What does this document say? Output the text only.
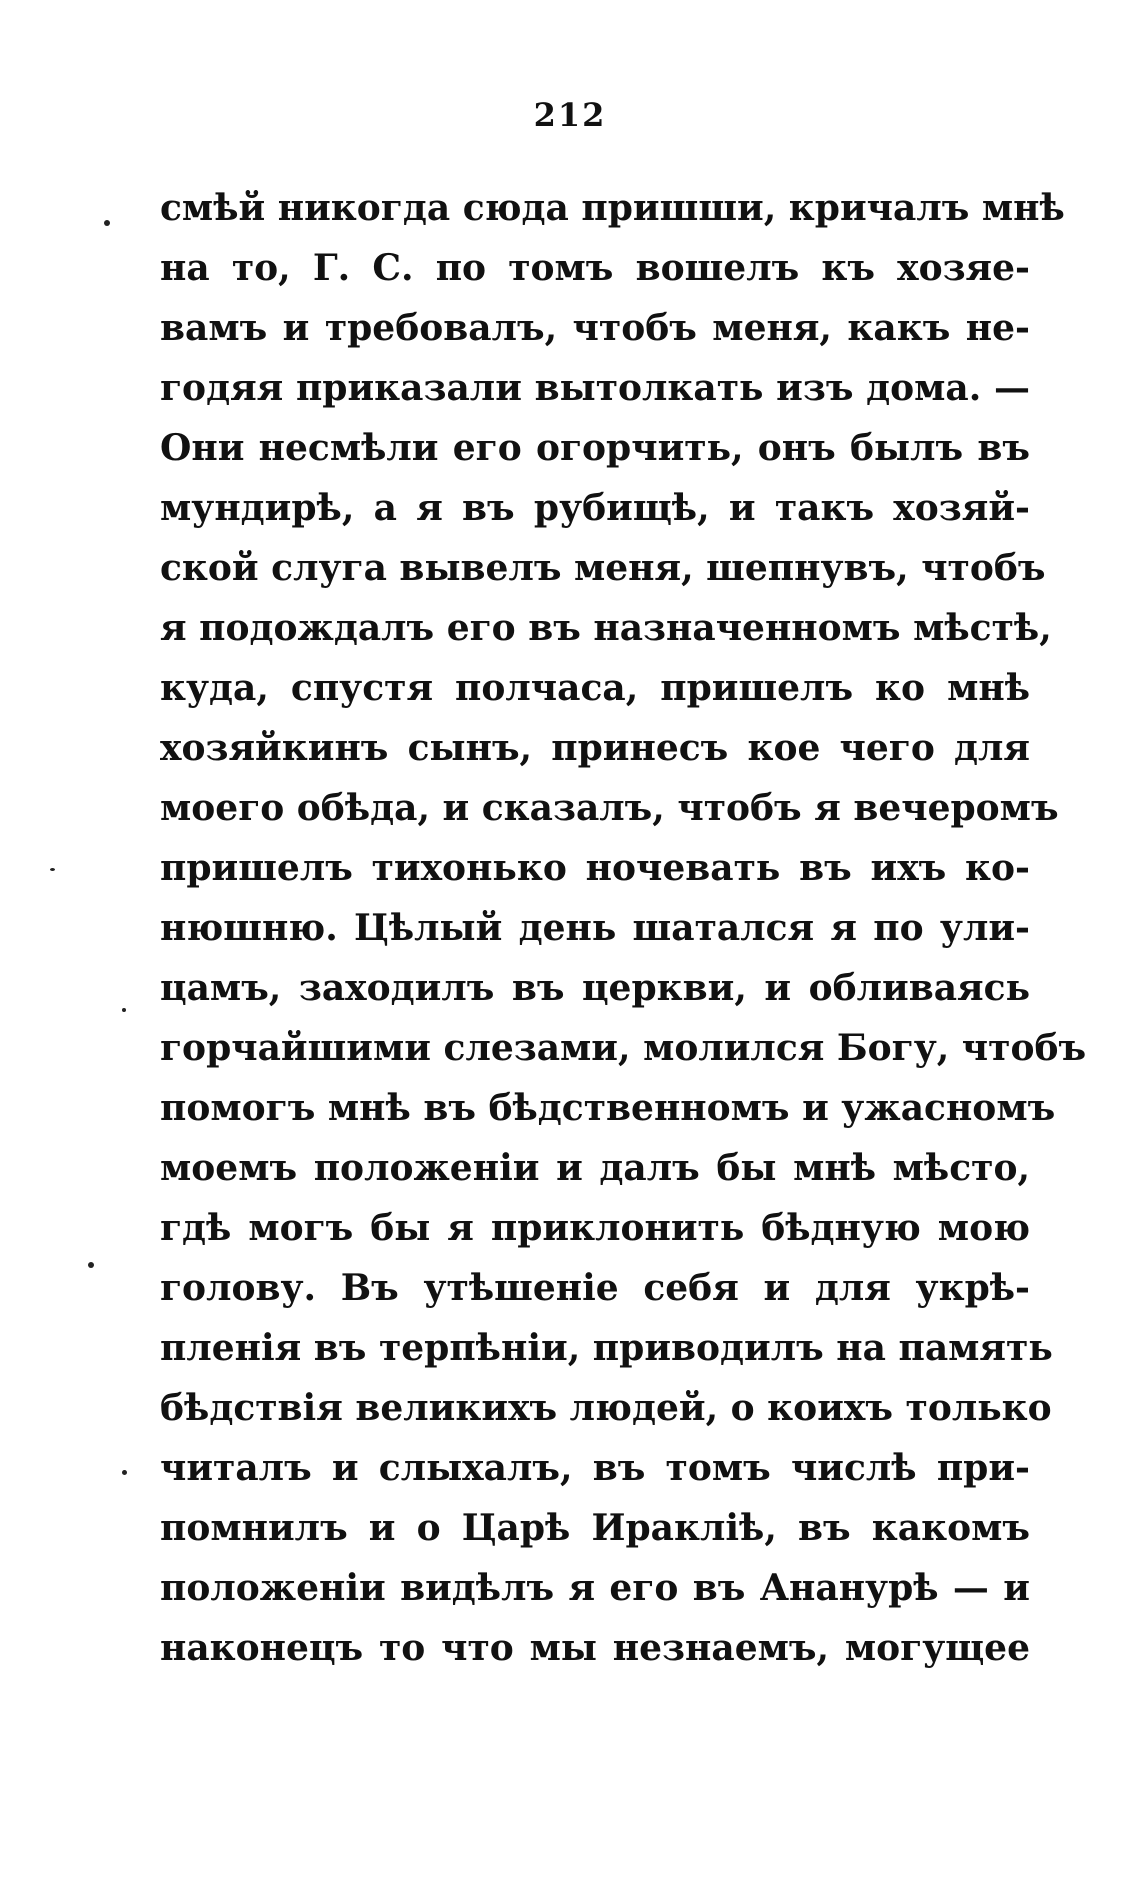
212
смѣй никогда сюда пришши, кричалъ мнѣ
на то, Г. С. по томъ вошелъ къ хозяе-
вамъ и требовалъ, чтобъ меня, какъ не-
годяя приказали вытолкать изъ дома. —
Они несмѣли его огорчить, онъ былъ въ
мундирѣ, а я въ рубищѣ, и такъ хозяй-
ской слуга вывелъ меня, шепнувъ, чтобъ
я подождалъ его въ назначенномъ мѣстѣ,
куда, спустя полчаса, пришелъ ко мнѣ
хозяйкинъ сынъ, принесъ кое чего для
моего обѣда, и сказалъ, чтобъ я вечеромъ
пришелъ тихонько ночевать въ ихъ ко-
нюшню. Цѣлый день шатался я по ули-
цамъ, заходилъ въ церкви, и обливаясь
горчайшими слезами, молился Богу, чтобъ
помогъ мнѣ въ бѣдственномъ и ужасномъ
моемъ положеніи и далъ бы мнѣ мѣсто,
гдѣ могъ бы я приклонить бѣдную мою
голову. Въ утѣшеніе себя и для укрѣ-
пленія въ терпѣніи, приводилъ на память
бѣдствія великихъ людей, о коихъ только
читалъ и слыхалъ, въ томъ числѣ при-
помнилъ и о Царѣ Иракліѣ, въ какомъ
положеніи видѣлъ я его въ Ананурѣ — и
наконецъ то что мы незнаемъ, могущее
